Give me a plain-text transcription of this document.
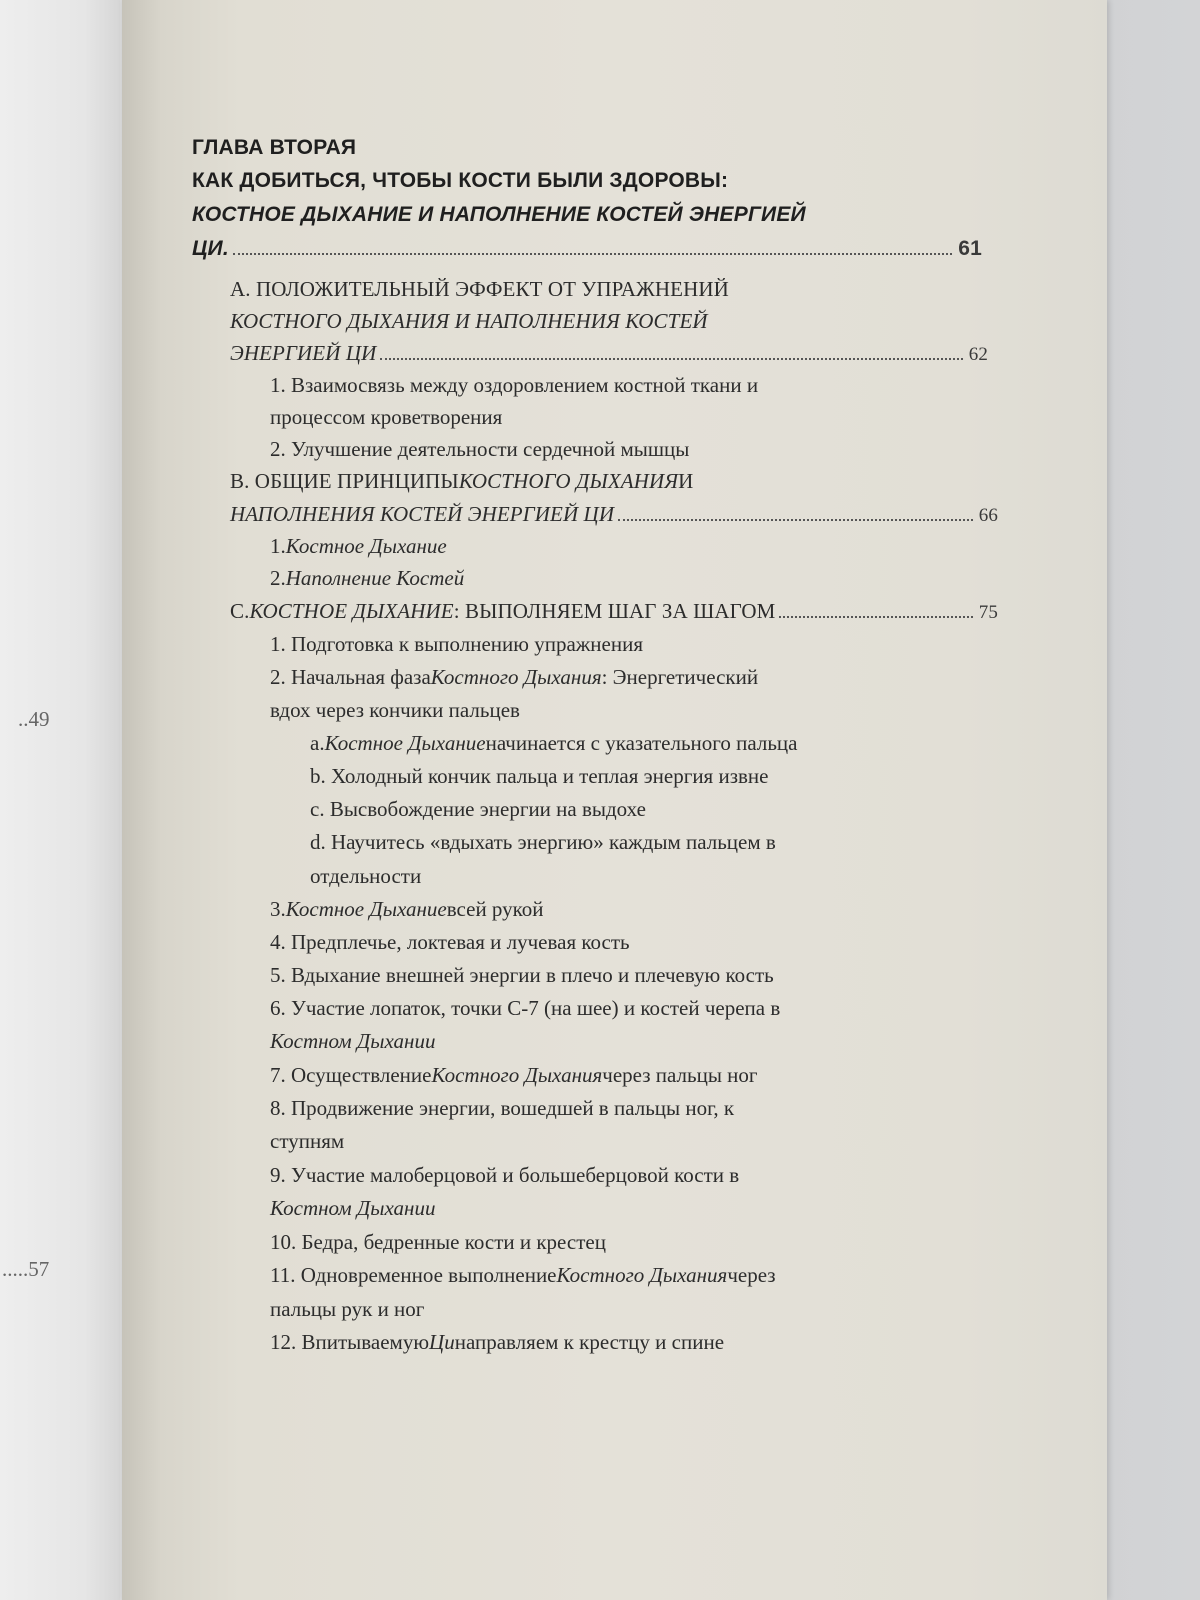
..49
.....57
ГЛАВА ВТОРАЯ
КАК ДОБИТЬСЯ, ЧТОБЫ КОСТИ БЫЛИ ЗДОРОВЫ:
КОСТНОЕ ДЫХАНИЕ И НАПОЛНЕНИЕ КОСТЕЙ ЭНЕРГИЕЙ
ЦИ.	61
A. ПОЛОЖИТЕЛЬНЫЙ ЭФФЕКТ ОТ УПРАЖНЕНИЙ
КОСТНОГО ДЫХАНИЯ И НАПОЛНЕНИЯ КОСТЕЙ
ЭНЕРГИЕЙ ЦИ	62
1. Взаимосвязь между оздоровлением костной ткани и
процессом кроветворения
2. Улучшение деятельности сердечной мышцы
B. ОБЩИЕ ПРИНЦИПЫ КОСТНОГО ДЫХАНИЯ И
НАПОЛНЕНИЯ КОСТЕЙ ЭНЕРГИЕЙ ЦИ	66
1. Костное Дыхание
2. Наполнение Костей
C. КОСТНОЕ ДЫХАНИЕ : ВЫПОЛНЯЕМ ШАГ ЗА ШАГОМ	75
1. Подготовка к выполнению упражнения
2. Начальная фаза Костного Дыхания : Энергетический
вдох через кончики пальцев
a. Костное Дыхание начинается с указательного пальца
b. Холодный кончик пальца и теплая энергия извне
c. Высвобождение энергии на выдохе
d. Научитесь «вдыхать энергию» каждым пальцем в
отдельности
3. Костное Дыхание всей рукой
4. Предплечье, локтевая и лучевая кость
5. Вдыхание внешней энергии в плечо и плечевую кость
6. Участие лопаток, точки С-7 (на шее) и костей черепа в
Костном Дыхании
7. Осуществление Костного Дыхания через пальцы ног
8. Продвижение энергии, вошедшей в пальцы ног, к
ступням
9. Участие малоберцовой и большеберцовой кости в
Костном Дыхании
10. Бедра, бедренные кости и крестец
11. Одновременное выполнение Костного Дыхания через
пальцы рук и ног
12. Впитываемую Ци направляем к крестцу и спине
